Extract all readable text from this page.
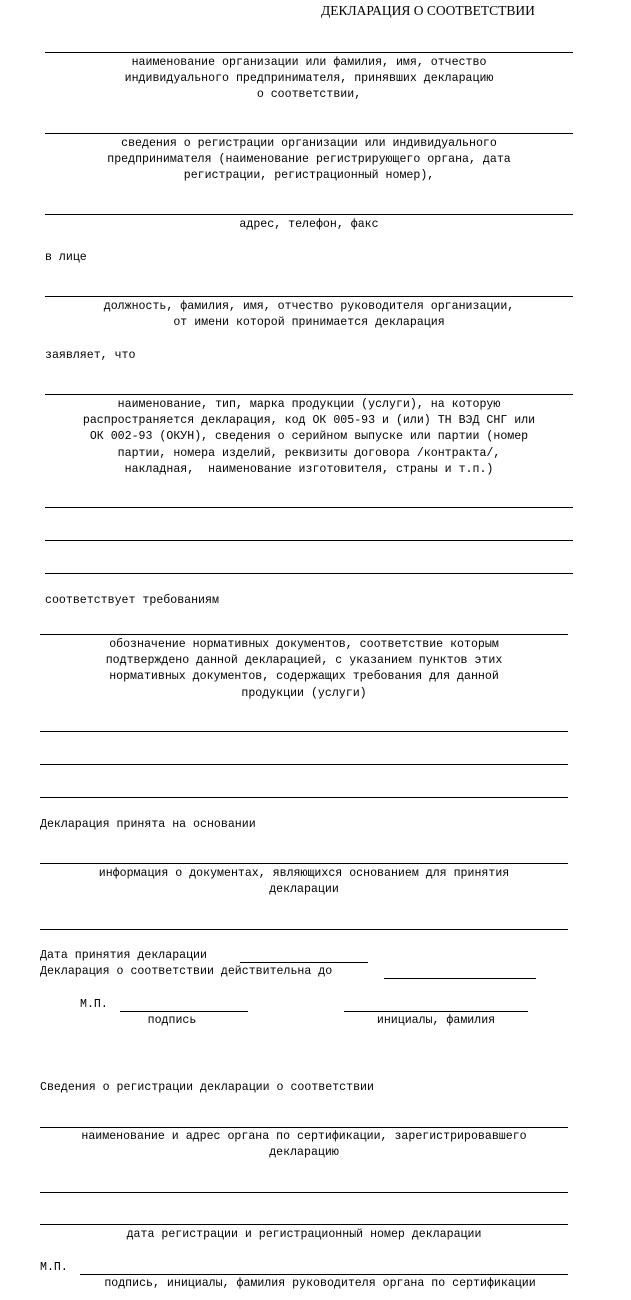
ДЕКЛАРАЦИЯ О СООТВЕТСТВИИ
наименование организации или фамилия, имя, отчество
индивидуального предпринимателя, принявших декларацию
о соответствии,
сведения о регистрации организации или индивидуального
предпринимателя (наименование регистрирующего органа, дата
регистрации, регистрационный номер),
адрес, телефон, факс
в лице
должность, фамилия, имя, отчество руководителя организации,
от имени которой принимается декларация
заявляет, что
наименование, тип, марка продукции (услуги), на которую
распространяется декларация, код ОК 005-93 и (или) ТН ВЭД СНГ или
ОК 002-93 (ОКУН), сведения о серийном выпуске или партии (номер
партии, номера изделий, реквизиты договора /контракта/,
накладная,  наименование изготовителя, страны и т.п.)
соответствует требованиям
обозначение нормативных документов, соответствие которым
подтверждено данной декларацией, с указанием пунктов этих
нормативных документов, содержащих требования для данной
продукции (услуги)
Декларация принята на основании
информация о документах, являющихся основанием для принятия
декларации
Дата принятия декларации
Декларация о соответствии действительна до
М.П.
подпись	инициалы, фамилия
Сведения о регистрации декларации о соответствии
наименование и адрес органа по сертификации, зарегистрировавшего
декларацию
дата регистрации и регистрационный номер декларации
М.П.
подпись, инициалы, фамилия руководителя органа по сертификации
